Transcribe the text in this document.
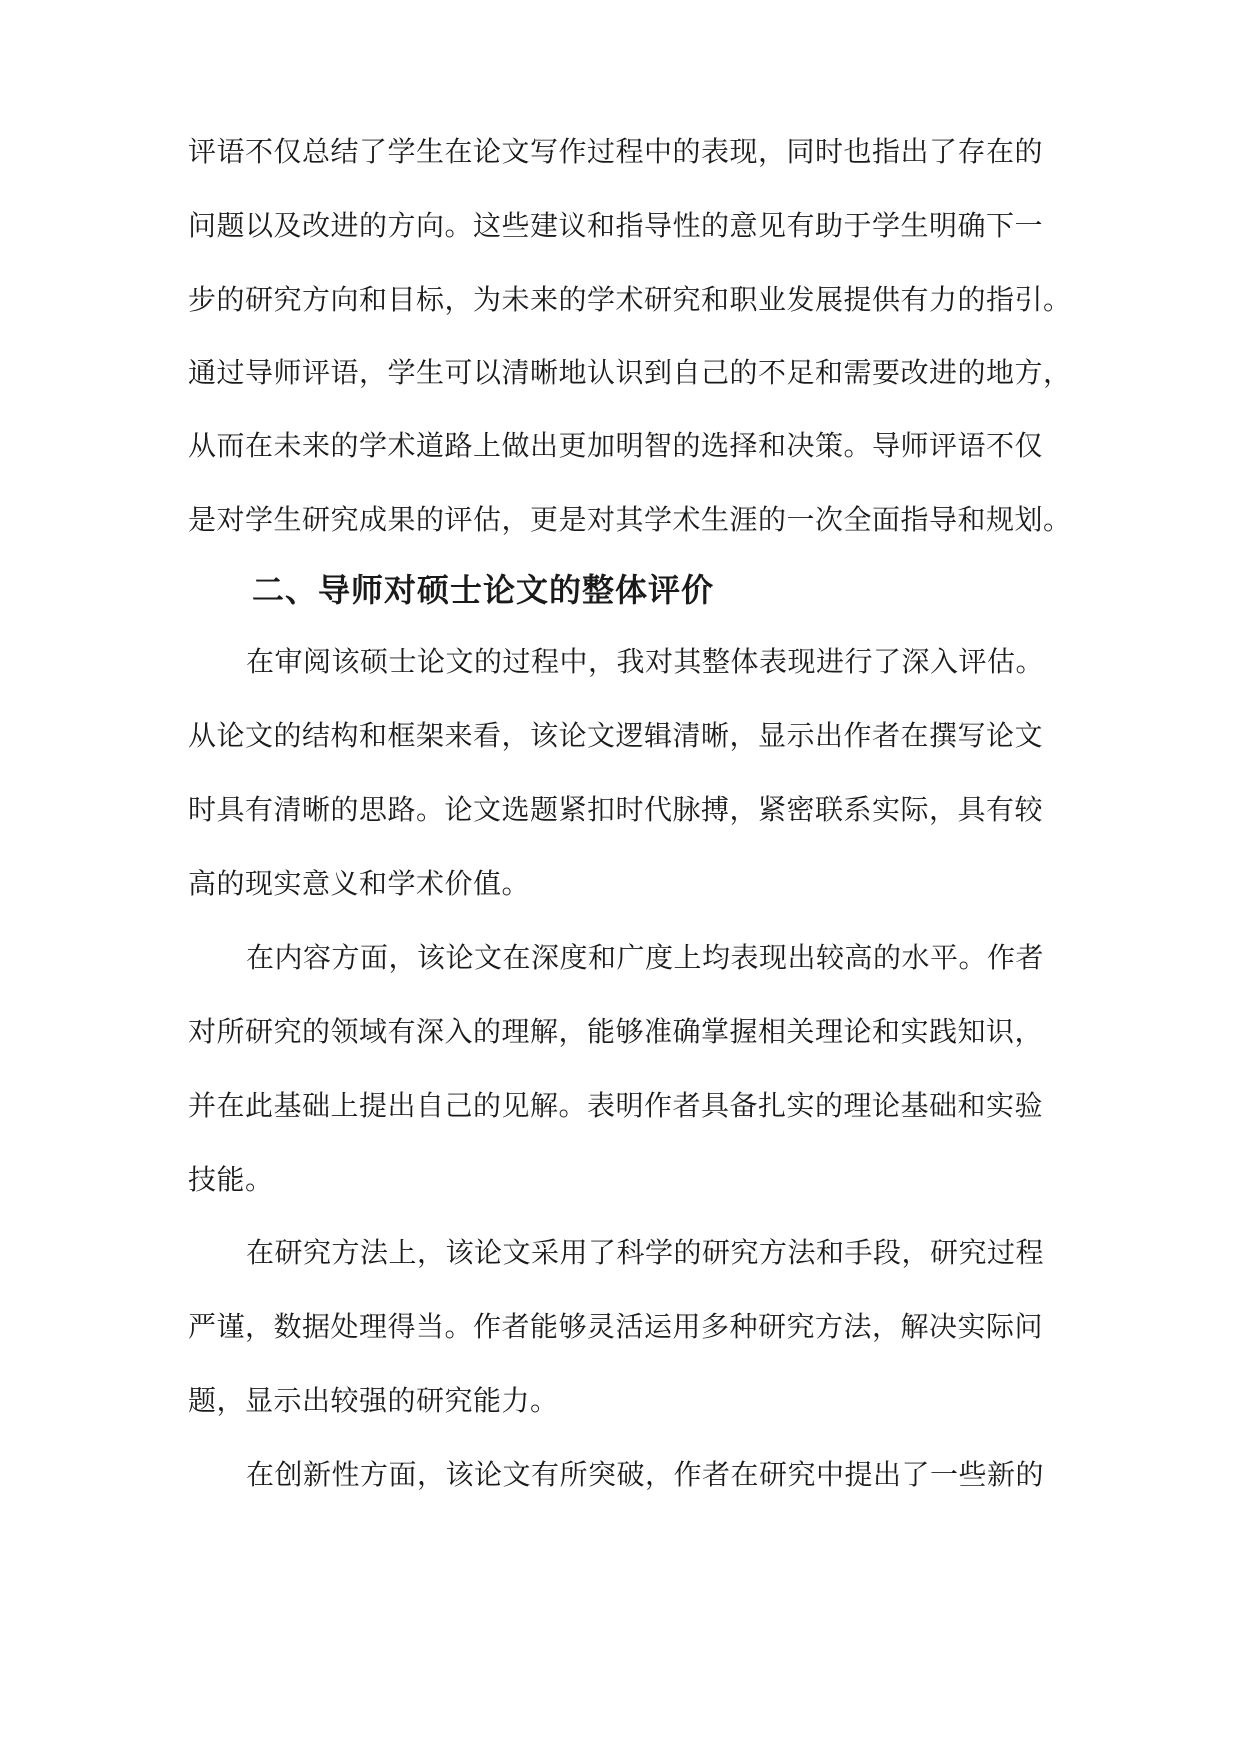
评语不仅总结了学生在论文写作过程中的表现，同时也指出了存在的
问题以及改进的方向。这些建议和指导性的意见有助于学生明确下一
步的研究方向和目标，为未来的学术研究和职业发展提供有力的指引。
通过导师评语，学生可以清晰地认识到自己的不足和需要改进的地方，
从而在未来的学术道路上做出更加明智的选择和决策。导师评语不仅
是对学生研究成果的评估，更是对其学术生涯的一次全面指导和规划。
二、导师对硕士论文的整体评价
在审阅该硕士论文的过程中，我对其整体表现进行了深入评估。
从论文的结构和框架来看，该论文逻辑清晰，显示出作者在撰写论文
时具有清晰的思路。论文选题紧扣时代脉搏，紧密联系实际，具有较
高的现实意义和学术价值。
在内容方面，该论文在深度和广度上均表现出较高的水平。作者
对所研究的领域有深入的理解，能够准确掌握相关理论和实践知识，
并在此基础上提出自己的见解。表明作者具备扎实的理论基础和实验
技能。
在研究方法上，该论文采用了科学的研究方法和手段，研究过程
严谨，数据处理得当。作者能够灵活运用多种研究方法，解决实际问
题，显示出较强的研究能力。
在创新性方面，该论文有所突破，作者在研究中提出了一些新的
